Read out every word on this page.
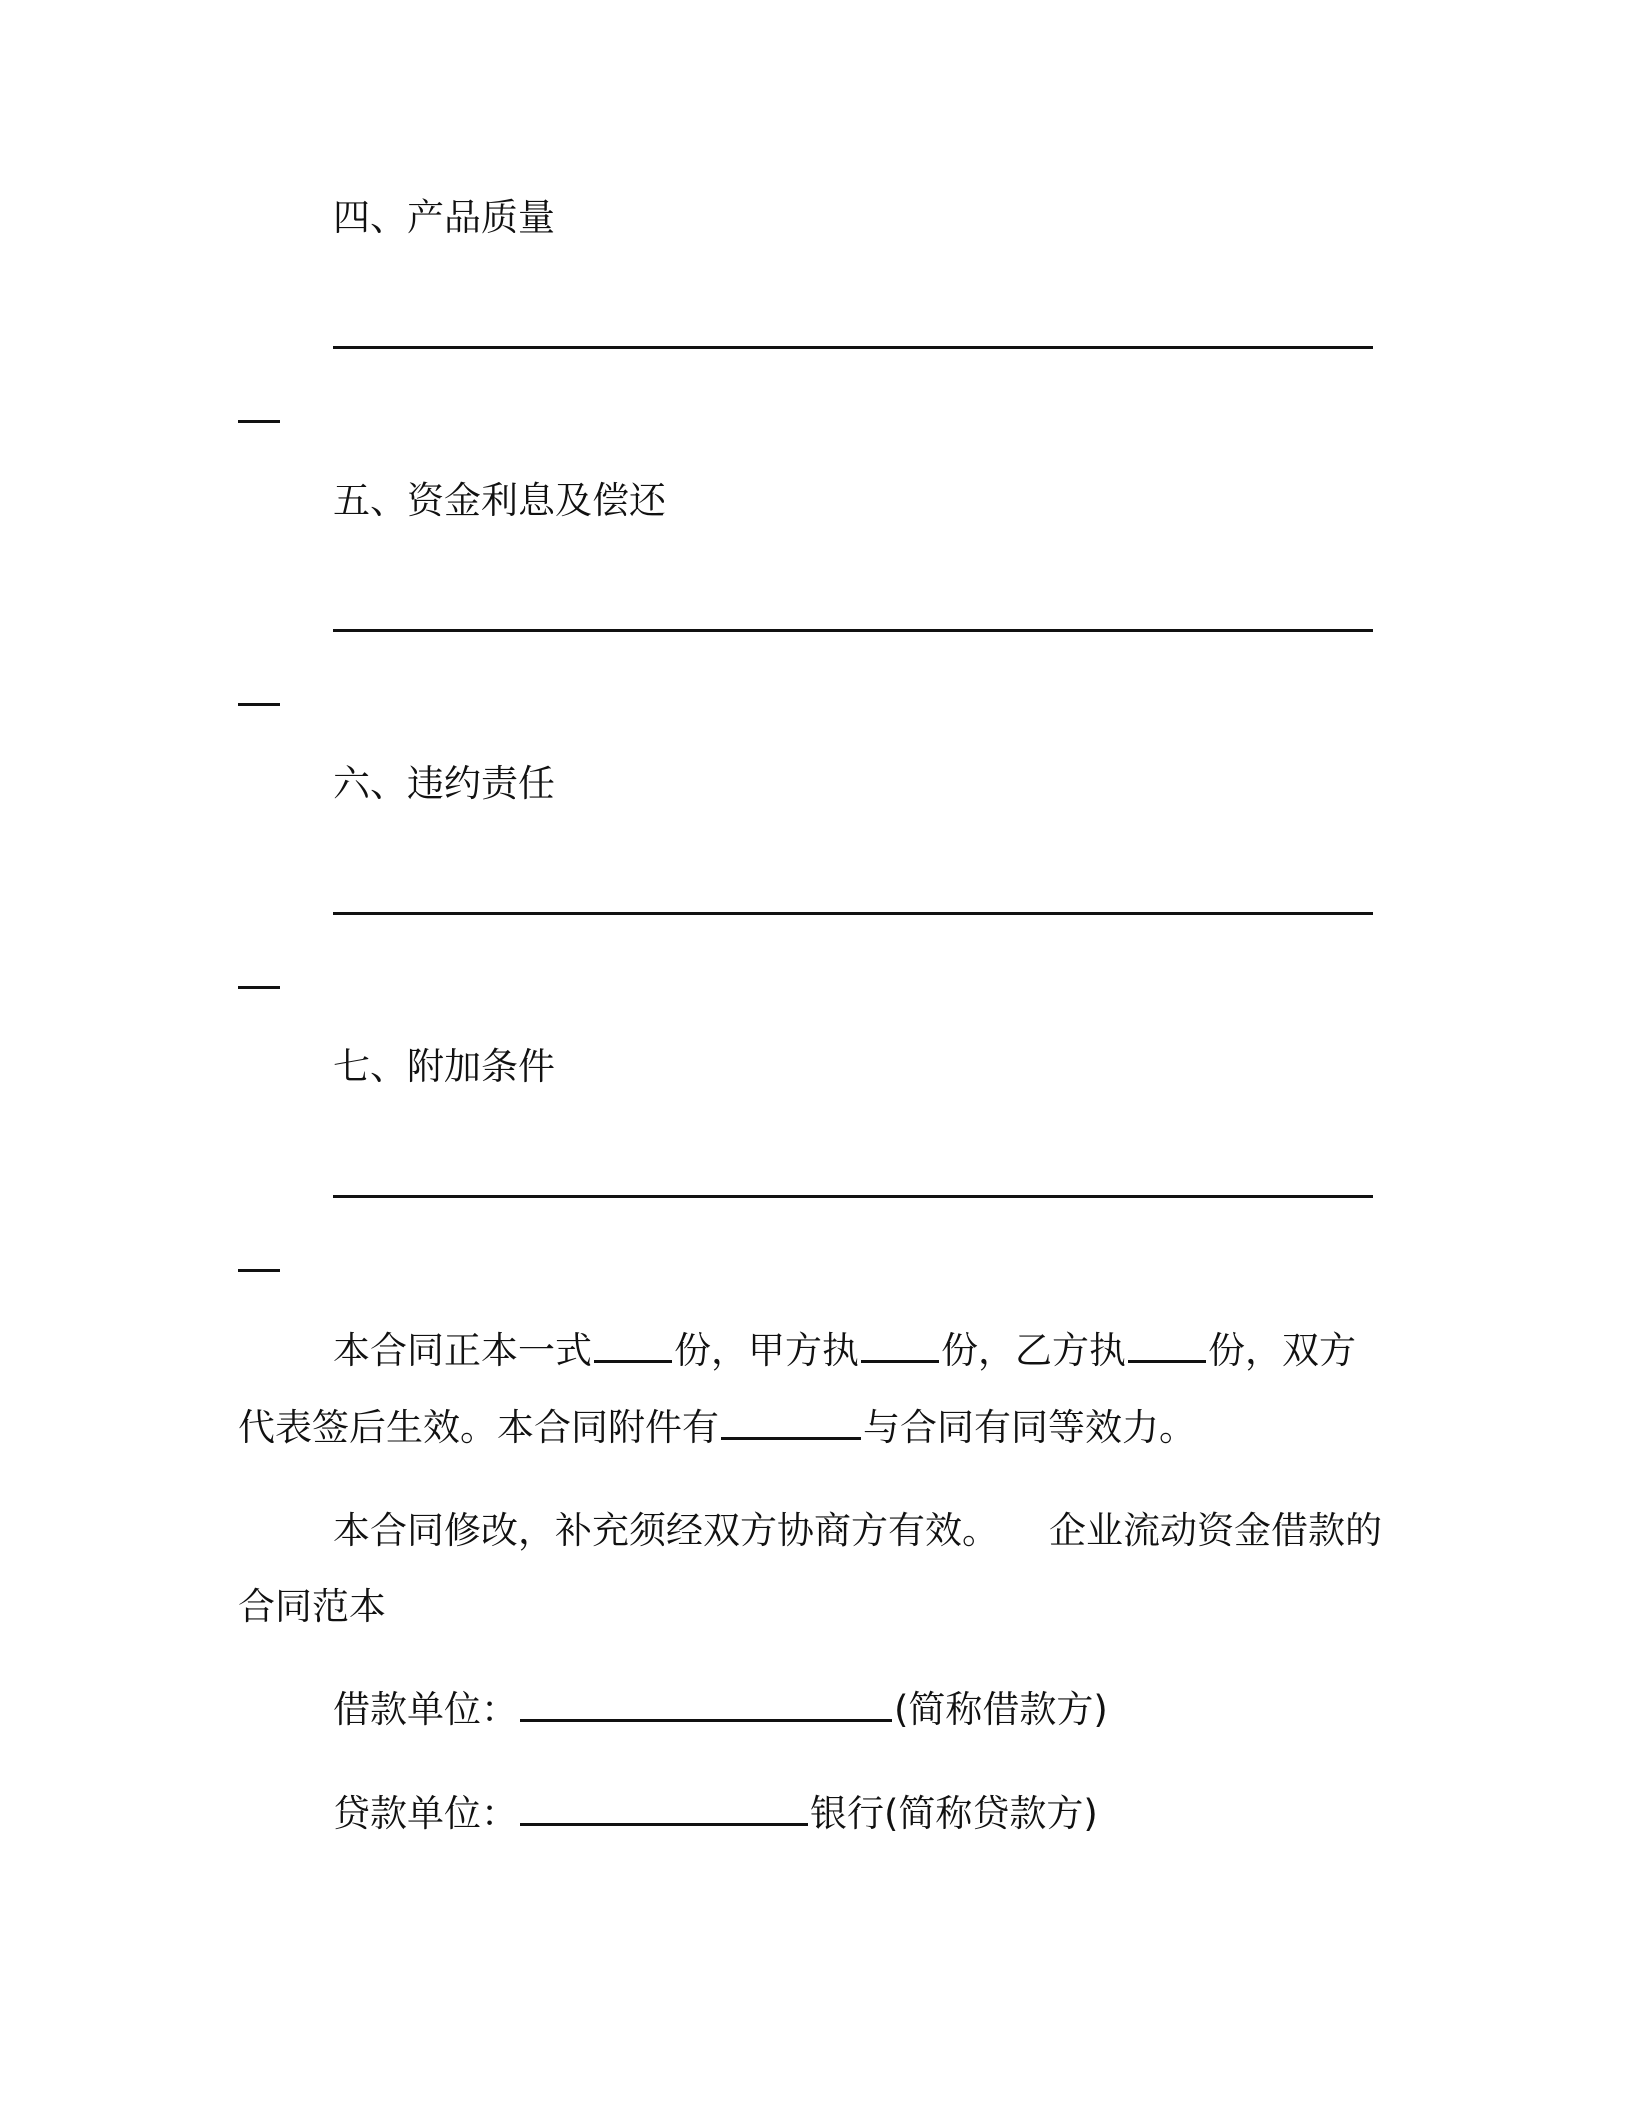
四、产品质量

五、资金利息及偿还

六、违约责任

七、附加条件

本合同正本一式 份，甲方执 份，乙方执 份，双方

代表签后生效。本合同附件有	与合同有同等效力。

本合同修改，补充须经双方协商方有效。 企业流动资金借款的

合同范本

借款单位：	(简称借款方)

贷款单位：	银行(简称贷款方)
